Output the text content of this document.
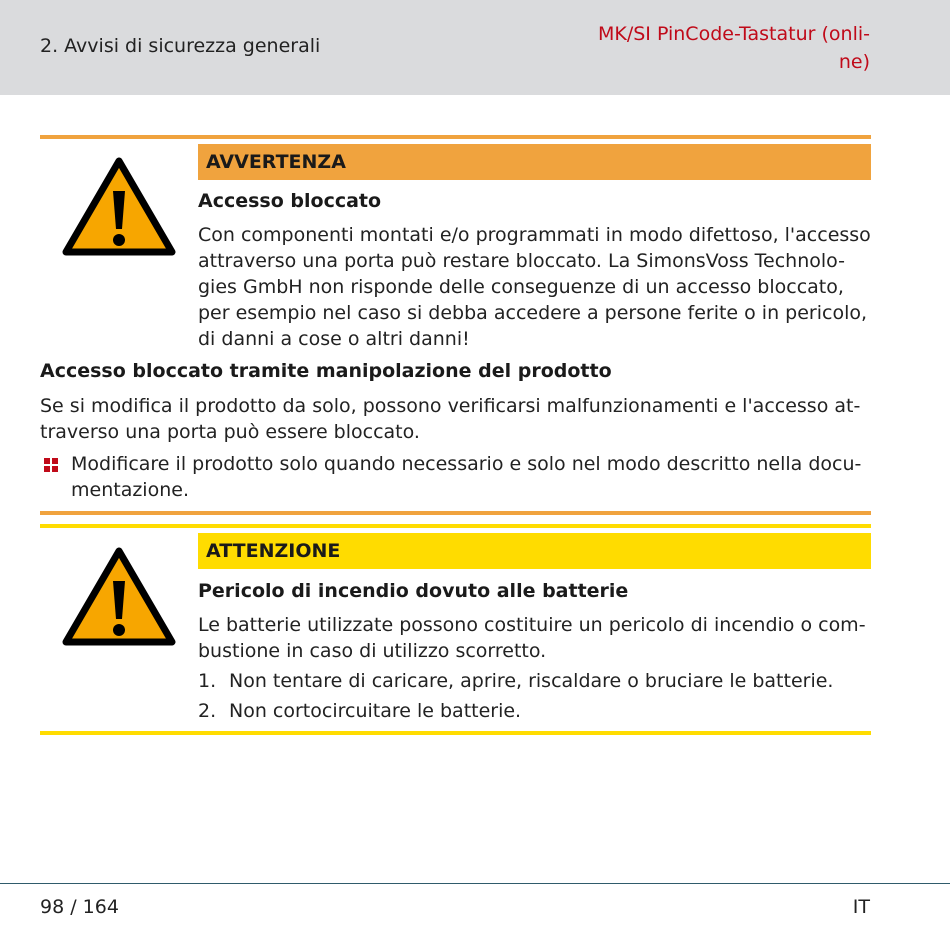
2. Avvisi di sicurezza generali
MK/SI PinCode-Tastatur (onli-
ne)
AVVERTENZA
Accesso bloccato
Con componenti montati e/o programmati in modo difettoso, l'accesso attraverso una porta può restare bloccato. La SimonsVoss Technolo-gies GmbH non risponde delle conseguenze di un accesso bloccato, per esempio nel caso si debba accedere a persone ferite o in pericolo, di danni a cose o altri danni!
Accesso bloccato tramite manipolazione del prodotto
Se si modifica il prodotto da solo, possono verificarsi malfunzionamenti e l'accesso at-traverso una porta può essere bloccato.
Modificare il prodotto solo quando necessario e solo nel modo descritto nella docu-mentazione.
ATTENZIONE
Pericolo di incendio dovuto alle batterie
Le batterie utilizzate possono costituire un pericolo di incendio o com-bustione in caso di utilizzo scorretto.
1. Non tentare di caricare, aprire, riscaldare o bruciare le batterie.
2. Non cortocircuitare le batterie.
98 / 164	IT
